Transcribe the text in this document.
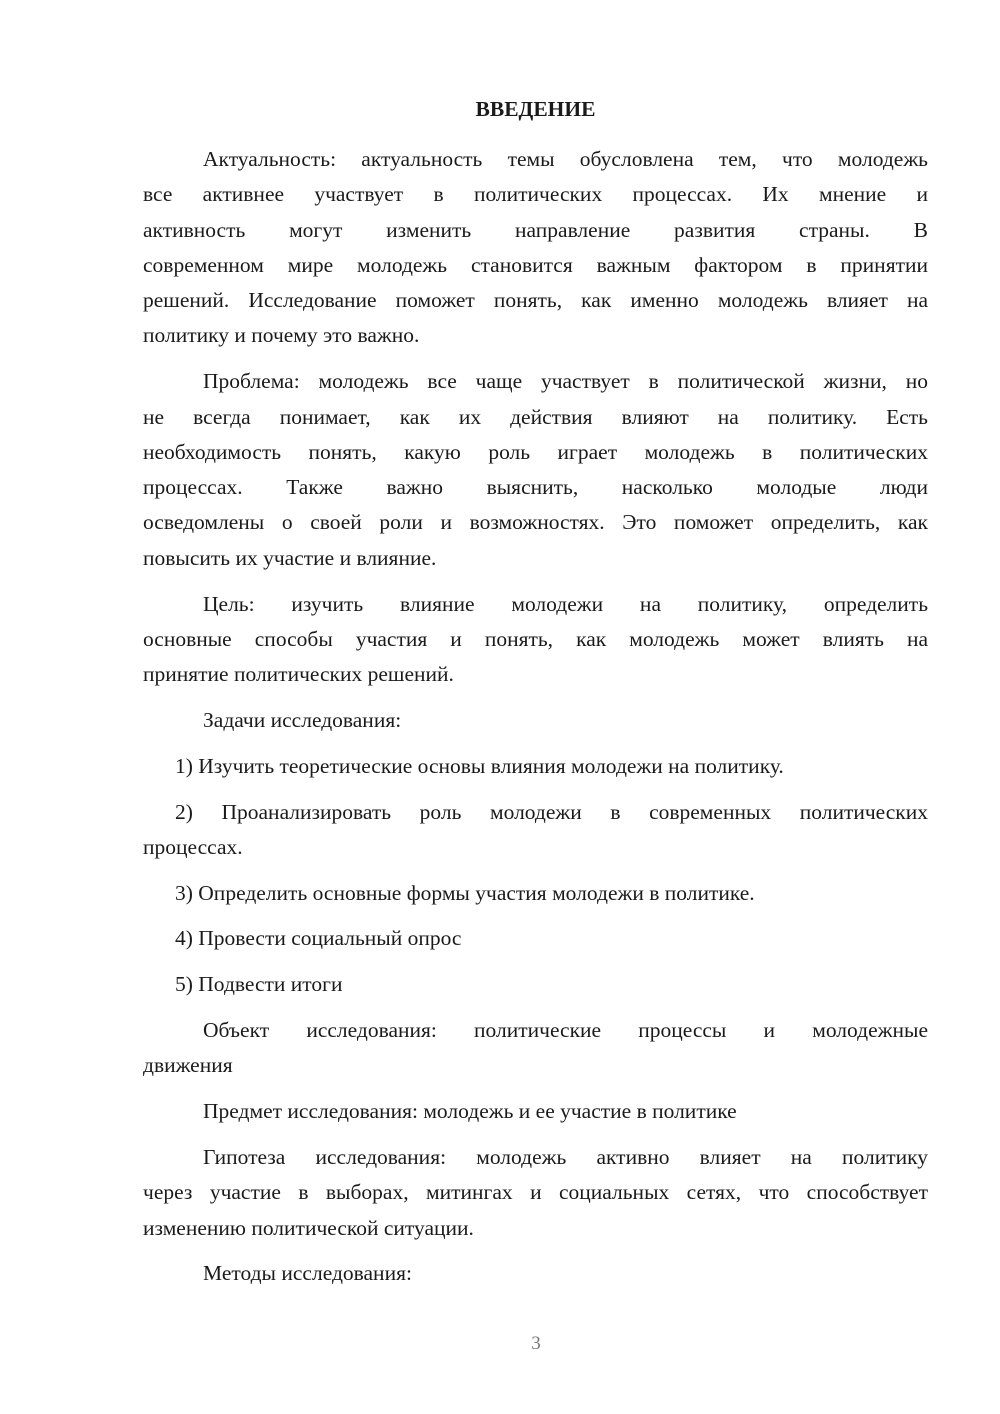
ВВЕДЕНИЕ
Актуальность: актуальность темы обусловлена тем, что молодежь
все активнее участвует в политических процессах. Их мнение и
активность могут изменить направление развития страны. В
современном мире молодежь становится важным фактором в принятии
решений. Исследование поможет понять, как именно молодежь влияет на
политику и почему это важно.
Проблема: молодежь все чаще участвует в политической жизни, но
не всегда понимает, как их действия влияют на политику. Есть
необходимость понять, какую роль играет молодежь в политических
процессах. Также важно выяснить, насколько молодые люди
осведомлены о своей роли и возможностях. Это поможет определить, как
повысить их участие и влияние.
Цель: изучить влияние молодежи на политику, определить
основные способы участия и понять, как молодежь может влиять на
принятие политических решений.
Задачи исследования:
1) Изучить теоретические основы влияния молодежи на политику.
2) Проанализировать роль молодежи в современных политических
процессах.
3) Определить основные формы участия молодежи в политике.
4) Провести социальный опрос
5) Подвести итоги
Объект исследования: политические процессы и молодежные
движения
Предмет исследования: молодежь и ее участие в политике
Гипотеза исследования: молодежь активно влияет на политику
через участие в выборах, митингах и социальных сетях, что способствует
изменению политической ситуации.
Методы исследования:
3
